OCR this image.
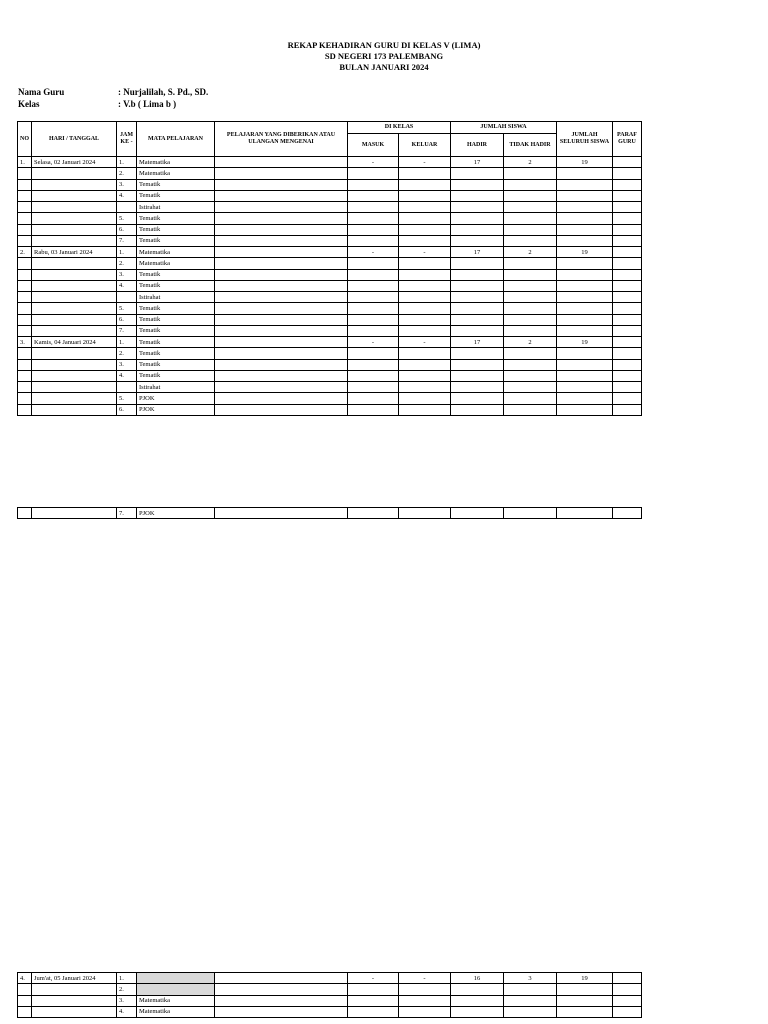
REKAP KEHADIRAN GURU DI KELAS V (LIMA)
SD NEGERI 173 PALEMBANG
BULAN JANUARI 2024
Nama Guru	: Nurjalilah, S. Pd., SD.
Kelas	: V.b ( Lima b )
NO	HARI / TANGGAL	JAM KE -	MATA PELAJARAN	PELAJARAN YANG DIBERIKAN ATAU ULANGAN MENGENAI	DI KELAS		JUMLAH SISWA		JUMLAH SELURUH SISWA	PARAF GURU
					MASUK	KELUAR	HADIR	TIDAK HADIR		
1.	Selasa, 02 Januari 2024	1.	Matematika		-	-	17	2	19	
		2.	Matematika							
		3.	Tematik							
		4.	Tematik							
			Istirahat							
		5.	Tematik							
		6.	Tematik							
		7.	Tematik							
2.	Rabu, 03 Januari 2024	1.	Matematika		-	-	17	2	19	
		2.	Matematika							
		3.	Tematik							
		4.	Tematik							
			Istirahat							
		5.	Tematik							
		6.	Tematik							
		7.	Tematik							
3.	Kamis, 04 Januari 2024	1.	Tematik		-	-	17	2	19	
		2.	Tematik							
		3.	Tematik							
		4.	Tematik							
			Istirahat							
		5.	PJOK							
		6.	PJOK							
		7.	PJOK							
4.	Jum'at, 05 Januari 2024	1.			-	-	16	3	19	
		2.								
		3.	Matematika							
		4.	Matematika							
